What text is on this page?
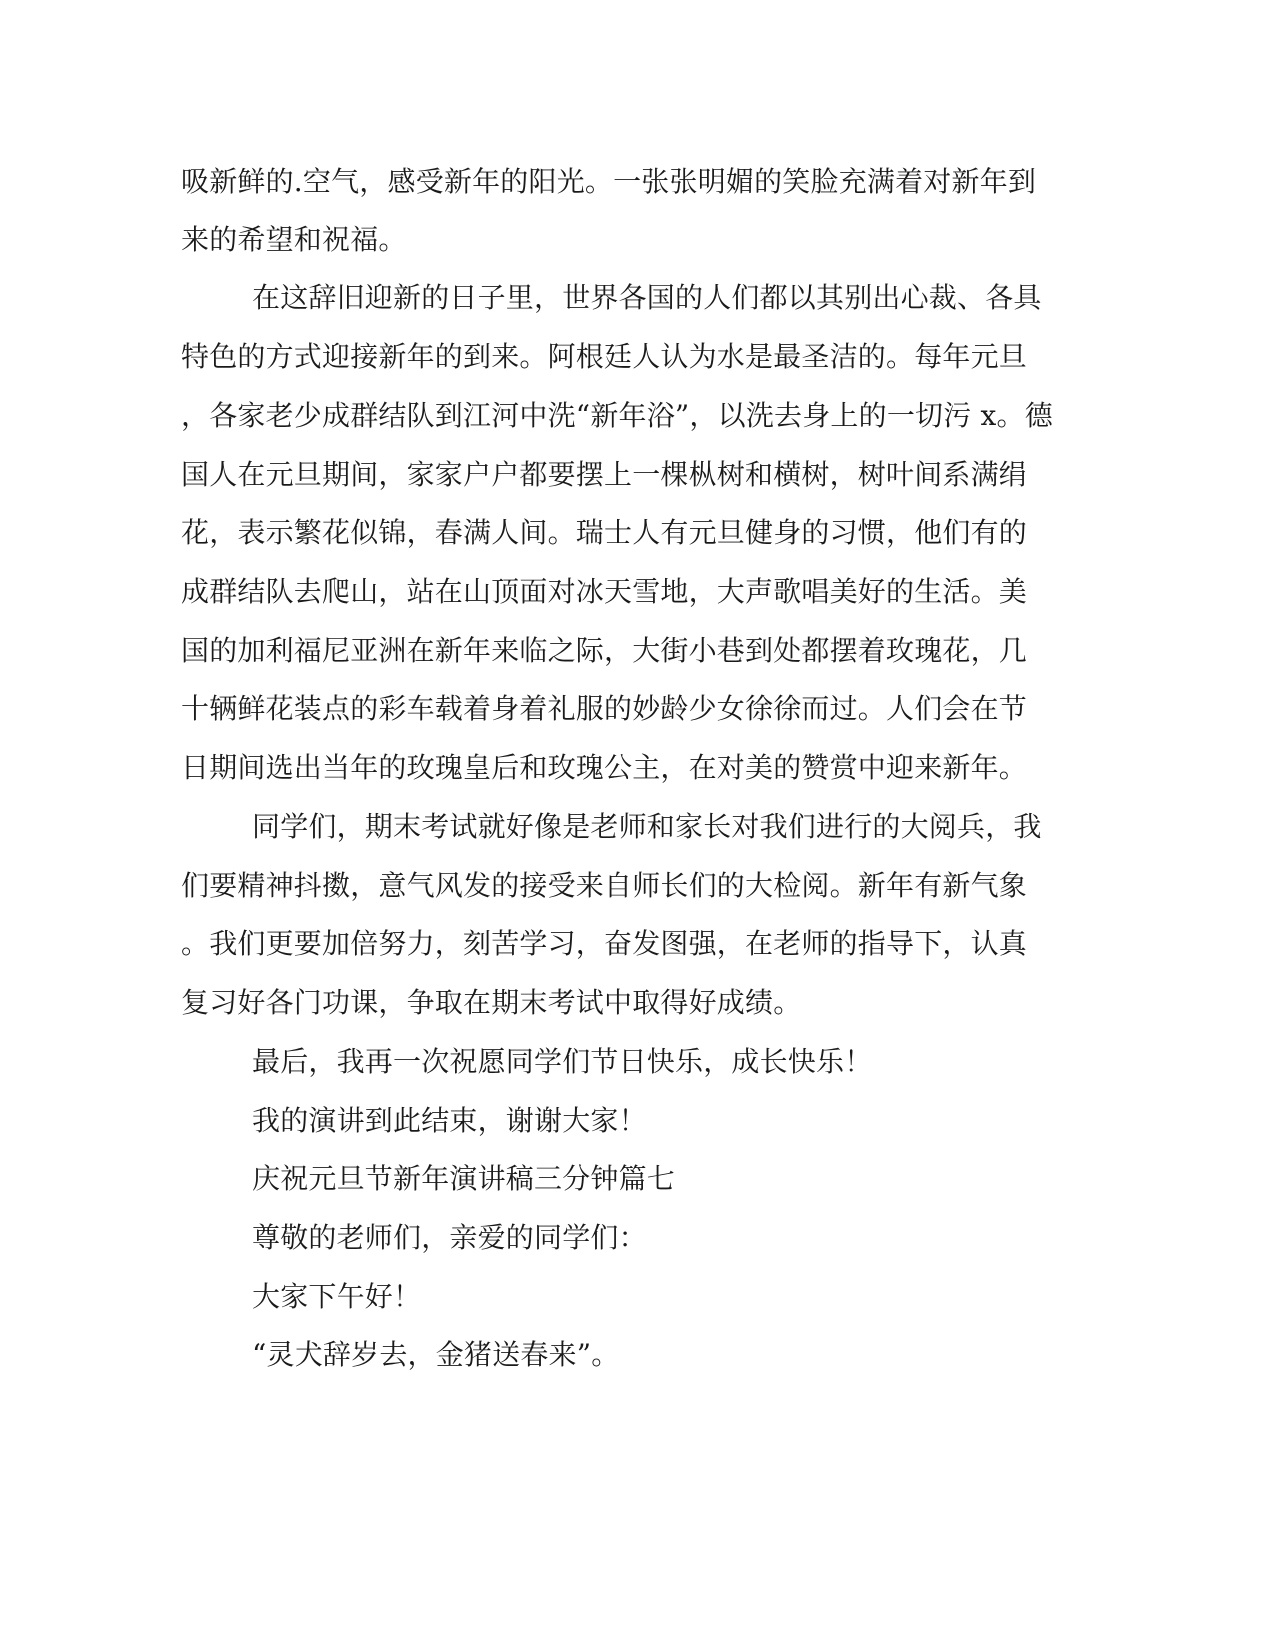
吸新鲜的.空气，感受新年的阳光。一张张明媚的笑脸充满着对新年到

来的希望和祝福。

在这辞旧迎新的日子里，世界各国的人们都以其别出心裁、各具

特色的方式迎接新年的到来。阿根廷人认为水是最圣洁的。每年元旦

，各家老少成群结队到江河中洗“新年浴”，以洗去身上的一切污 x。德

国人在元旦期间，家家户户都要摆上一棵枞树和横树，树叶间系满绢

花，表示繁花似锦，春满人间。瑞士人有元旦健身的习惯，他们有的

成群结队去爬山，站在山顶面对冰天雪地，大声歌唱美好的生活。美

国的加利福尼亚洲在新年来临之际，大街小巷到处都摆着玫瑰花，几

十辆鲜花装点的彩车载着身着礼服的妙龄少女徐徐而过。人们会在节

日期间选出当年的玫瑰皇后和玫瑰公主，在对美的赞赏中迎来新年。

同学们，期末考试就好像是老师和家长对我们进行的大阅兵，我

们要精神抖擞，意气风发的接受来自师长们的大检阅。新年有新气象

。我们更要加倍努力，刻苦学习，奋发图强，在老师的指导下，认真

复习好各门功课，争取在期末考试中取得好成绩。

最后，我再一次祝愿同学们节日快乐，成长快乐！

我的演讲到此结束，谢谢大家！

庆祝元旦节新年演讲稿三分钟篇七

尊敬的老师们，亲爱的同学们：

大家下午好！

“灵犬辞岁去，金猪送春来”。
